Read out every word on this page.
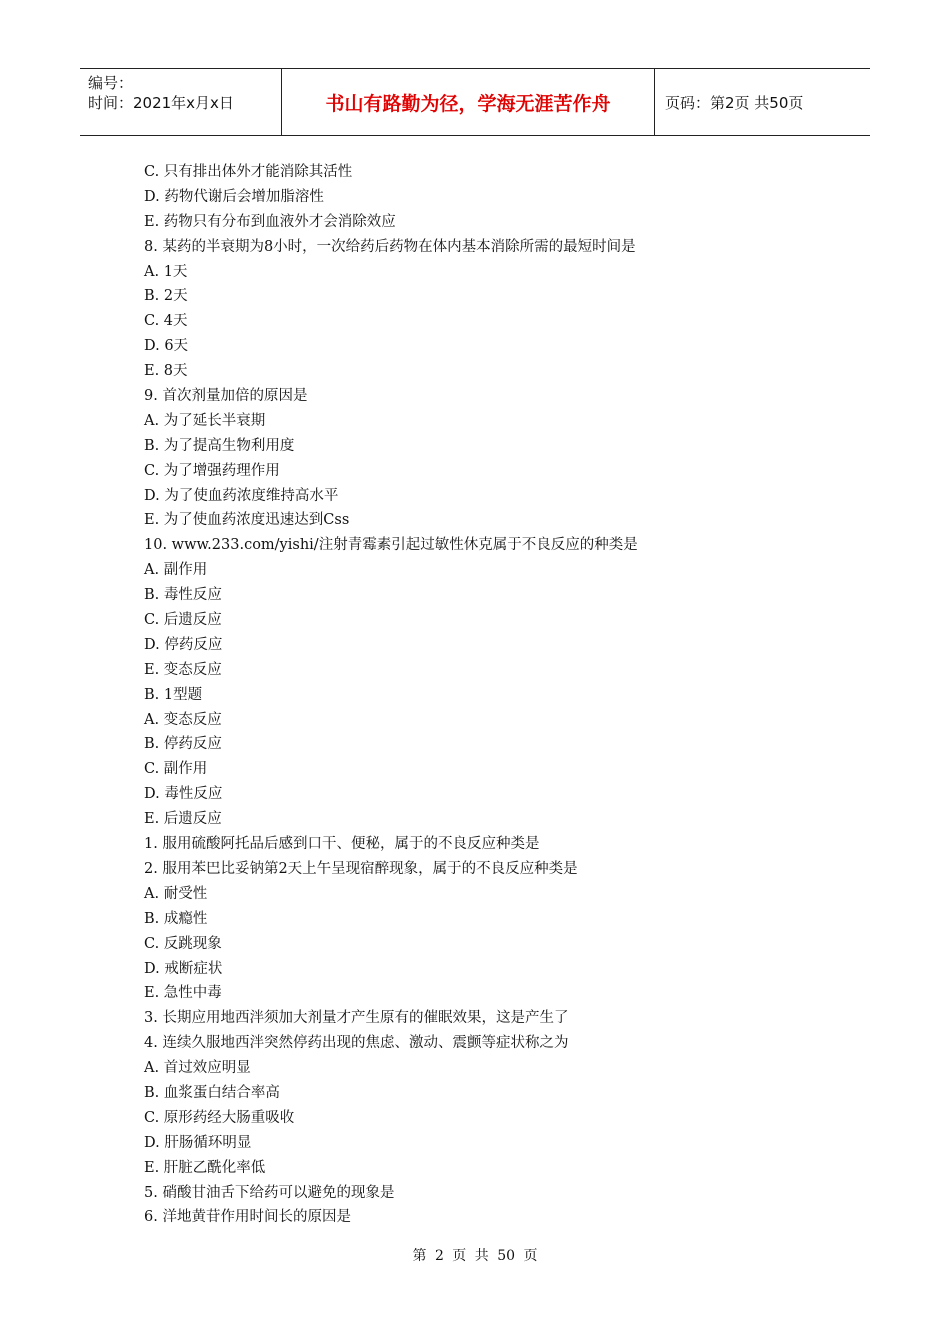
编号：
时间：2021年x月x日	书山有路勤为径，学海无涯苦作舟	页码：第2页 共50页
C. 只有排出体外才能消除其活性
D. 药物代谢后会增加脂溶性
E. 药物只有分布到血液外才会消除效应
8. 某药的半衰期为8小时，一次给药后药物在体内基本消除所需的最短时间是
A. 1天
B. 2天
C. 4天
D. 6天
E. 8天
9. 首次剂量加倍的原因是
A. 为了延长半衰期
B. 为了提高生物利用度
C. 为了增强药理作用
D. 为了使血药浓度维持高水平
E. 为了使血药浓度迅速达到Css
10. www.233.com/yishi/注射青霉素引起过敏性休克属于不良反应的种类是
A. 副作用
B. 毒性反应
C. 后遗反应
D. 停药反应
E. 变态反应
B. 1型题
A. 变态反应
B. 停药反应
C. 副作用
D. 毒性反应
E. 后遗反应
1. 服用硫酸阿托品后感到口干、便秘，属于的不良反应种类是
2. 服用苯巴比妥钠第2天上午呈现宿醉现象，属于的不良反应种类是
A. 耐受性
B. 成瘾性
C. 反跳现象
D. 戒断症状
E. 急性中毒
3. 长期应用地西泮须加大剂量才产生原有的催眠效果，这是产生了
4. 连续久服地西泮突然停药出现的焦虑、激动、震颤等症状称之为
A. 首过效应明显
B. 血浆蛋白结合率高
C. 原形药经大肠重吸收
D. 肝肠循环明显
E. 肝脏乙酰化率低
5. 硝酸甘油舌下给药可以避免的现象是
6. 洋地黄苷作用时间长的原因是
第 2 页 共 50 页
